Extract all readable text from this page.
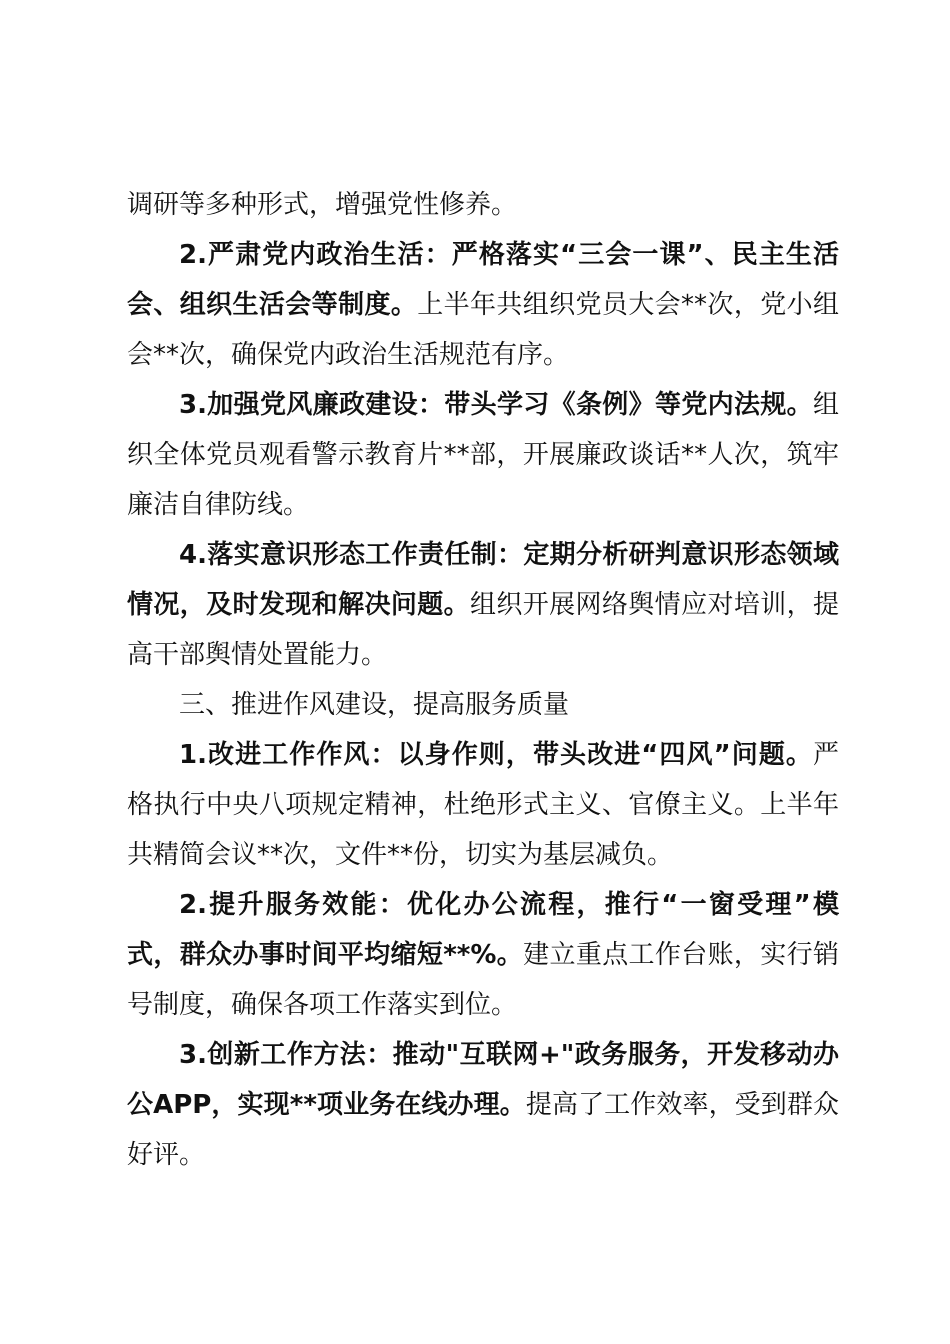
调研等多种形式，增强党性修养。

2.严肃党内政治生活：严格落实“三会一课”、民主生活会、组织生活会等制度。上半年共组织党员大会**次，党小组会**次，确保党内政治生活规范有序。

3.加强党风廉政建设：带头学习《条例》等党内法规。组织全体党员观看警示教育片**部，开展廉政谈话**人次，筑牢廉洁自律防线。

4.落实意识形态工作责任制：定期分析研判意识形态领域情况，及时发现和解决问题。组织开展网络舆情应对培训，提高干部舆情处置能力。

三、推进作风建设，提高服务质量

1.改进工作作风：以身作则，带头改进“四风”问题。严格执行中央八项规定精神，杜绝形式主义、官僚主义。上半年共精简会议**次，文件**份，切实为基层减负。

2.提升服务效能：优化办公流程，推行“一窗受理”模式，群众办事时间平均缩短**%。建立重点工作台账，实行销号制度，确保各项工作落实到位。

3.创新工作方法：推动"互联网+"政务服务，开发移动办公APP，实现**项业务在线办理。提高了工作效率，受到群众好评。
